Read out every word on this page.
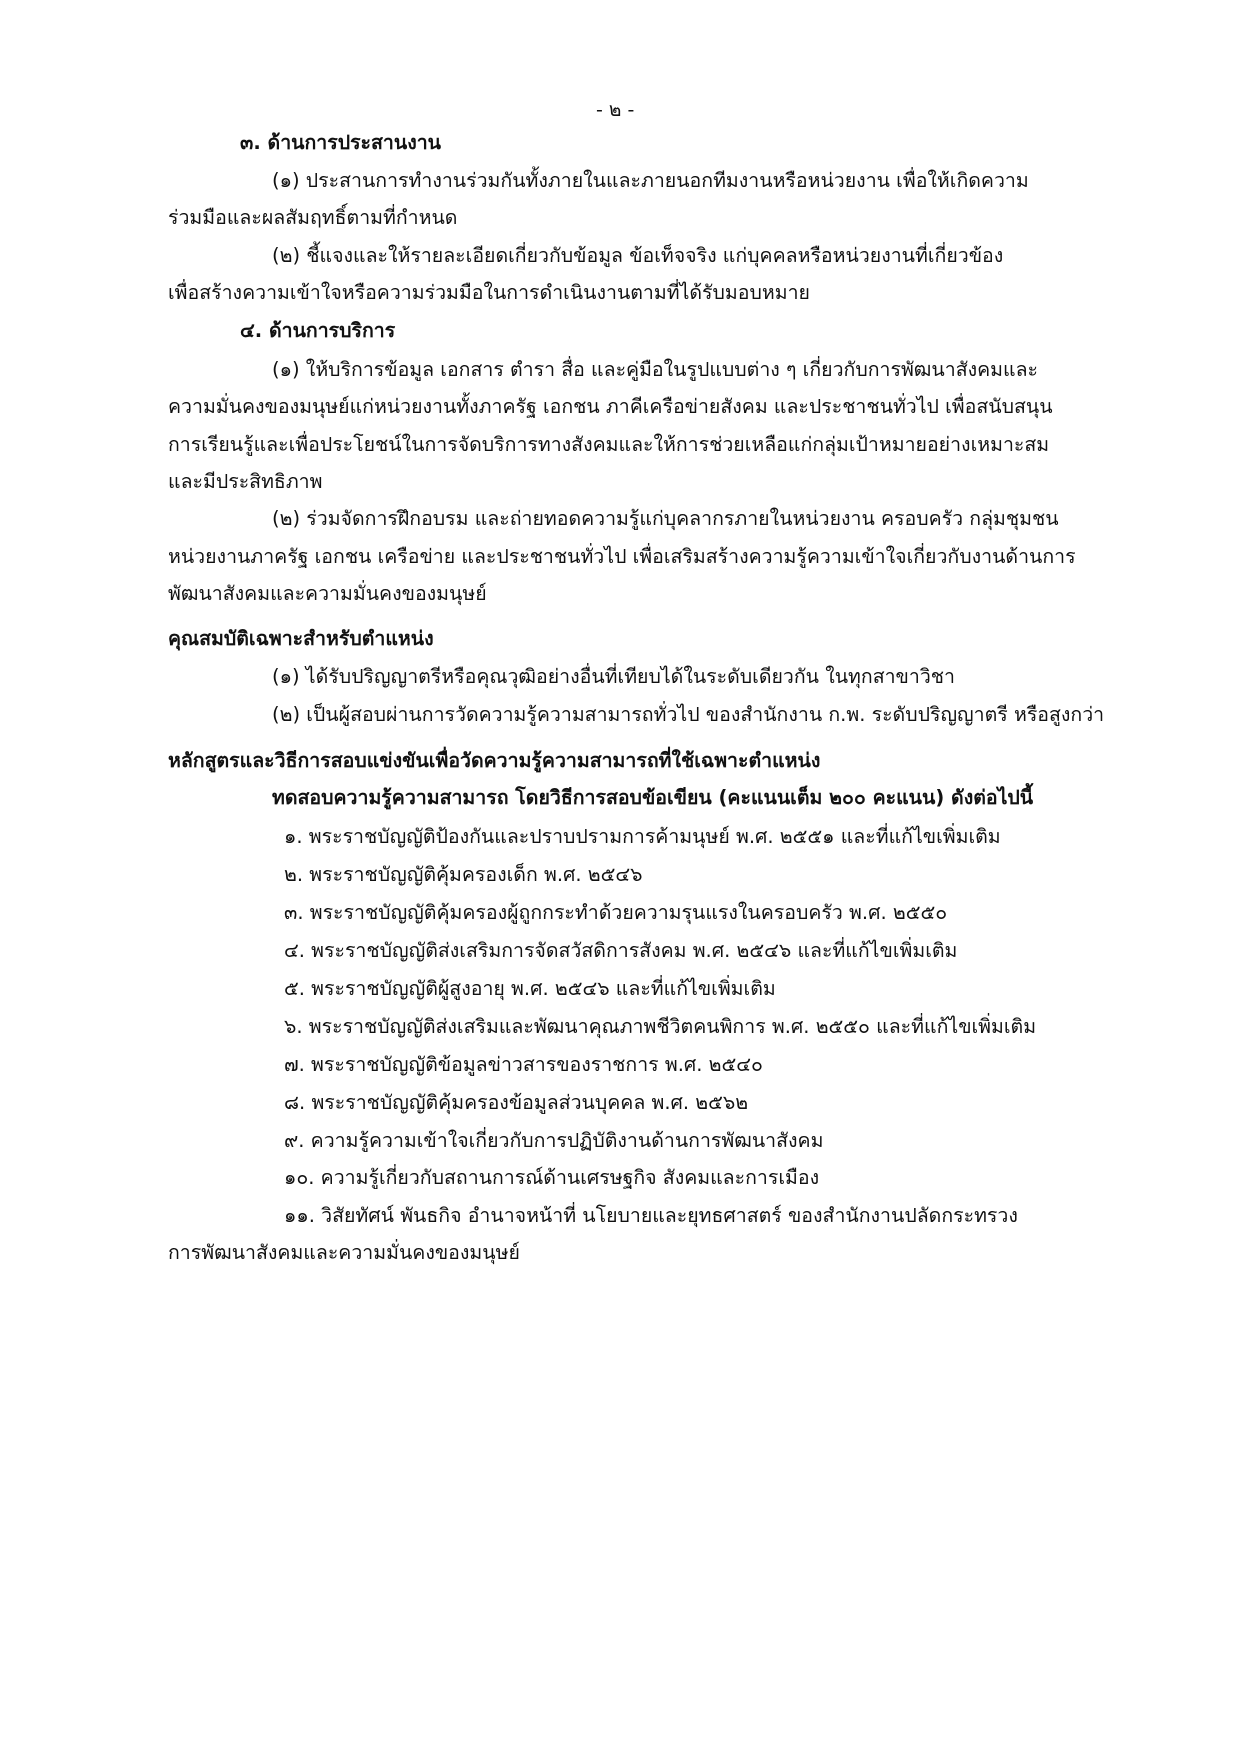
- ๒ -
๓. ด้านการประสานงาน
(๑) ประสานการทำงานร่วมกันทั้งภายในและภายนอกทีมงานหรือหน่วยงาน เพื่อให้เกิดความ
ร่วมมือและผลสัมฤทธิ์ตามที่กำหนด
(๒) ชี้แจงและให้รายละเอียดเกี่ยวกับข้อมูล ข้อเท็จจริง แก่บุคคลหรือหน่วยงานที่เกี่ยวข้อง
เพื่อสร้างความเข้าใจหรือความร่วมมือในการดำเนินงานตามที่ได้รับมอบหมาย
๔. ด้านการบริการ
(๑) ให้บริการข้อมูล เอกสาร ตำรา สื่อ และคู่มือในรูปแบบต่าง ๆ เกี่ยวกับการพัฒนาสังคมและ
ความมั่นคงของมนุษย์แก่หน่วยงานทั้งภาครัฐ เอกชน ภาคีเครือข่ายสังคม และประชาชนทั่วไป เพื่อสนับสนุน
การเรียนรู้และเพื่อประโยชน์ในการจัดบริการทางสังคมและให้การช่วยเหลือแก่กลุ่มเป้าหมายอย่างเหมาะสม
และมีประสิทธิภาพ
(๒) ร่วมจัดการฝึกอบรม และถ่ายทอดความรู้แก่บุคลากรภายในหน่วยงาน ครอบครัว กลุ่มชุมชน
หน่วยงานภาครัฐ เอกชน เครือข่าย และประชาชนทั่วไป เพื่อเสริมสร้างความรู้ความเข้าใจเกี่ยวกับงานด้านการ
พัฒนาสังคมและความมั่นคงของมนุษย์
คุณสมบัติเฉพาะสำหรับตำแหน่ง
(๑) ได้รับปริญญาตรีหรือคุณวุฒิอย่างอื่นที่เทียบได้ในระดับเดียวกัน ในทุกสาขาวิชา
(๒) เป็นผู้สอบผ่านการวัดความรู้ความสามารถทั่วไป ของสำนักงาน ก.พ. ระดับปริญญาตรี หรือสูงกว่า
หลักสูตรและวิธีการสอบแข่งขันเพื่อวัดความรู้ความสามารถที่ใช้เฉพาะตำแหน่ง
ทดสอบความรู้ความสามารถ โดยวิธีการสอบข้อเขียน (คะแนนเต็ม ๒๐๐ คะแนน) ดังต่อไปนี้
๑. พระราชบัญญัติป้องกันและปราบปรามการค้ามนุษย์ พ.ศ. ๒๕๕๑ และที่แก้ไขเพิ่มเติม
๒. พระราชบัญญัติคุ้มครองเด็ก พ.ศ. ๒๕๔๖
๓. พระราชบัญญัติคุ้มครองผู้ถูกกระทำด้วยความรุนแรงในครอบครัว พ.ศ. ๒๕๕๐
๔. พระราชบัญญัติส่งเสริมการจัดสวัสดิการสังคม พ.ศ. ๒๕๔๖ และที่แก้ไขเพิ่มเติม
๕. พระราชบัญญัติผู้สูงอายุ พ.ศ. ๒๕๔๖ และที่แก้ไขเพิ่มเติม
๖. พระราชบัญญัติส่งเสริมและพัฒนาคุณภาพชีวิตคนพิการ พ.ศ. ๒๕๕๐ และที่แก้ไขเพิ่มเติม
๗. พระราชบัญญัติข้อมูลข่าวสารของราชการ พ.ศ. ๒๕๔๐
๘. พระราชบัญญัติคุ้มครองข้อมูลส่วนบุคคล พ.ศ. ๒๕๖๒
๙. ความรู้ความเข้าใจเกี่ยวกับการปฏิบัติงานด้านการพัฒนาสังคม
๑๐. ความรู้เกี่ยวกับสถานการณ์ด้านเศรษฐกิจ สังคมและการเมือง
๑๑. วิสัยทัศน์ พันธกิจ อำนาจหน้าที่ นโยบายและยุทธศาสตร์ ของสำนักงานปลัดกระทรวง
การพัฒนาสังคมและความมั่นคงของมนุษย์
